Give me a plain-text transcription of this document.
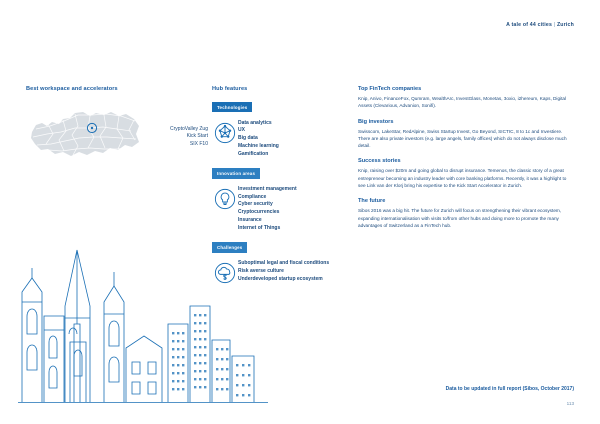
A tale of 44 cities | Zurich
Best workspace and accelerators
CryptoValley Zug
Kick Start
SIX F10
Hub features
Technologies
Data analytics
UX
Big data
Machine learning
Gamification
Innovation areas
Investment management
Compliance
Cyber security
Cryptocurrencies
Insurance
Internet of Things
Challenges
Suboptimal legal and fiscal conditions
Risk averse culture
Underdeveloped startup ecosystem
Top FinTech companies
Knip, Anivo, FinanceFox, Qumram, WealthArc, InvestGlass, Monetas, 3oxio, i2hereum, Kaps, Digital Assets (Clevarious, Advanion, Sonifi).
Big investors
Swisscom, LakeStar, RedAlpine, Swiss Startup Invest, Go Beyond, SICTIC, 8 to 1c and Investiere. There are also private investors (e.g. large angels, family offices) which do not always disclose much detail.
Success stories
Knip, raising over $20m and going global to disrupt insurance. Temenos, the classic story of a great entrepreneur becoming an industry leader with core banking platforms. Recently, it was a highlight to see Link van der Klorj bring his expertise to the Kick Start Accelerator in Zurich.
The future
Sibos 2016 was a big hit. The future for Zurich will focus on strengthening their vibrant ecosystem, expanding internationalisation with visits to/from other hubs and doing more to promote the many advantages of Switzerland as a FinTech hub.
Data to be updated in full report (Sibos, October 2017)
113
